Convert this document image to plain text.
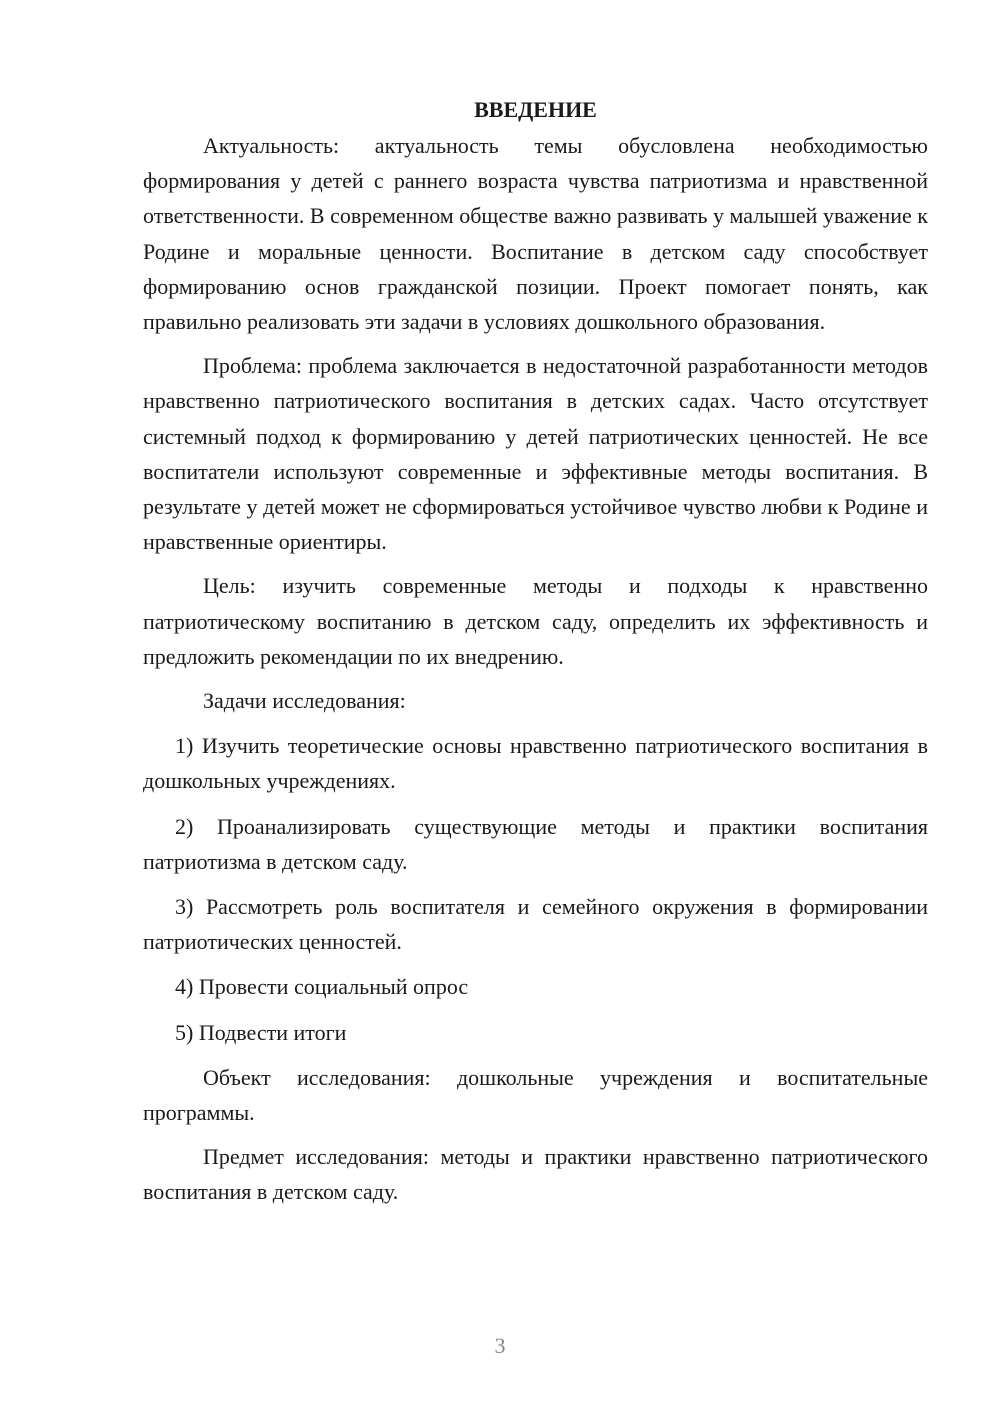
ВВЕДЕНИЕ

Актуальность: актуальность темы обусловлена необходимостью формирования у детей с раннего возраста чувства патриотизма и нравственной ответственности. В современном обществе важно развивать у малышей уважение к Родине и моральные ценности. Воспитание в детском саду способствует формированию основ гражданской позиции. Проект помогает понять, как правильно реализовать эти задачи в условиях дошкольного образования.

Проблема: проблема заключается в недостаточной разработанности методов нравственно патриотического воспитания в детских садах. Часто отсутствует системный подход к формированию у детей патриотических ценностей. Не все воспитатели используют современные и эффективные методы воспитания. В результате у детей может не сформироваться устойчивое чувство любви к Родине и нравственные ориентиры.

Цель: изучить современные методы и подходы к нравственно патриотическому воспитанию в детском саду, определить их эффективность и предложить рекомендации по их внедрению.

Задачи исследования:

1) Изучить теоретические основы нравственно патриотического воспитания в дошкольных учреждениях.

2) Проанализировать существующие методы и практики воспитания патриотизма в детском саду.

3) Рассмотреть роль воспитателя и семейного окружения в формировании патриотических ценностей.

4) Провести социальный опрос

5) Подвести итоги

Объект исследования: дошкольные учреждения и воспитательные программы.

Предмет исследования: методы и практики нравственно патриотического воспитания в детском саду.

3
